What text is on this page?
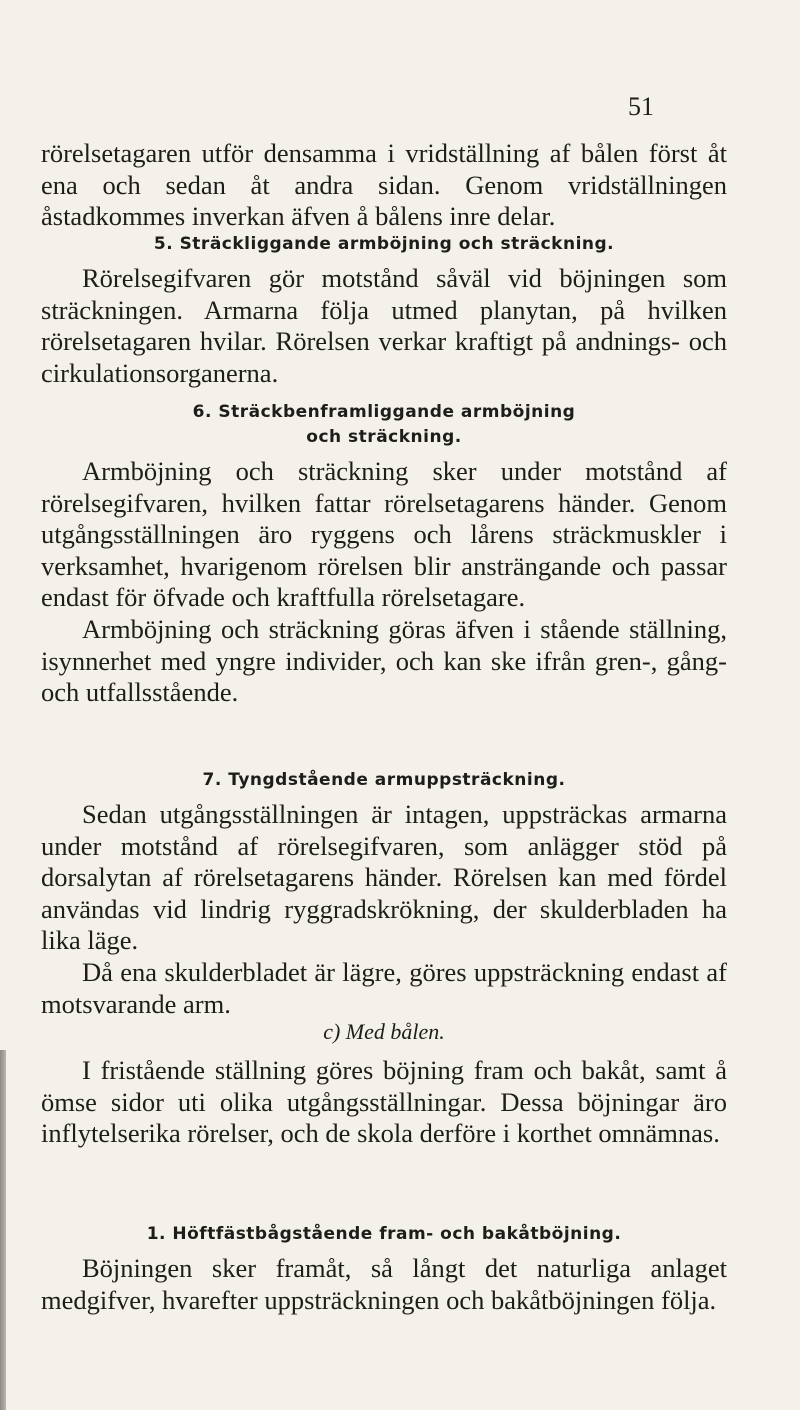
51

rörelsetagaren utför densamma i vridställning af bålen först åt ena och sedan åt andra sidan. Genom vridställningen åstadkommes inverkan äfven å bålens inre delar.

5. Sträckliggande armböjning och sträckning.

Rörelsegifvaren gör motstånd såväl vid böjningen som sträckningen. Armarna följa utmed planytan, på hvilken rörelsetagaren hvilar. Rörelsen verkar kraftigt på andnings- och cirkulationsorganerna.

6. Sträckbenframliggande armböjning

och sträckning.

Armböjning och sträckning sker under motstånd af rörelsegifvaren, hvilken fattar rörelsetagarens händer. Genom utgångsställningen äro ryggens och lårens sträckmuskler i verksamhet, hvarigenom rörelsen blir ansträngande och passar endast för öfvade och kraftfulla rörelsetagare.

Armböjning och sträckning göras äfven i stående ställning, isynnerhet med yngre individer, och kan ske ifrån gren-, gång- och utfallsstående.

7. Tyngdstående armuppsträckning.

Sedan utgångsställningen är intagen, uppsträckas armarna under motstånd af rörelsegifvaren, som anlägger stöd på dorsalytan af rörelsetagarens händer. Rörelsen kan med fördel användas vid lindrig ryggradskrökning, der skulderbladen ha lika läge.

Då ena skulderbladet är lägre, göres uppsträckning endast af motsvarande arm.

c) Med bålen.

I fristående ställning göres böjning fram och bakåt, samt å ömse sidor uti olika utgångsställningar. Dessa böjningar äro inflytelserika rörelser, och de skola derföre i korthet omnämnas.

1. Höftfästbågstående fram- och bakåtböjning.

Böjningen sker framåt, så långt det naturliga anlaget medgifver, hvarefter uppsträckningen och bakåtböjningen följa.
